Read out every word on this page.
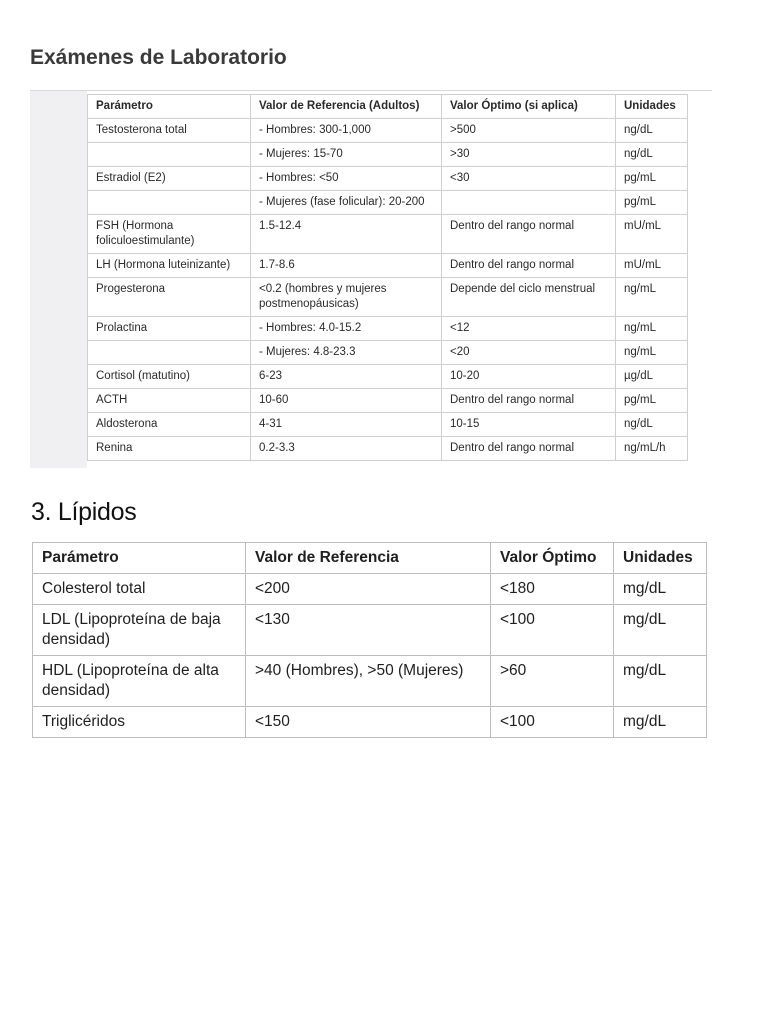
Exámenes de Laboratorio
Parámetro	Valor de Referencia (Adultos)	Valor Óptimo (si aplica)	Unidades
Testosterona total	- Hombres: 300-1,000	>500	ng/dL
	- Mujeres: 15-70	>30	ng/dL
Estradiol (E2)	- Hombres: <50	<30	pg/mL
	- Mujeres (fase folicular): 20-200		pg/mL
FSH (Hormona foliculoestimulante)	1.5-12.4	Dentro del rango normal	mU/mL
LH (Hormona luteinizante)	1.7-8.6	Dentro del rango normal	mU/mL
Progesterona	<0.2 (hombres y mujeres postmenopáusicas)	Depende del ciclo menstrual	ng/mL
Prolactina	- Hombres: 4.0-15.2	<12	ng/mL
	- Mujeres: 4.8-23.3	<20	ng/mL
Cortisol (matutino)	6-23	10-20	µg/dL
ACTH	10-60	Dentro del rango normal	pg/mL
Aldosterona	4-31	10-15	ng/dL
Renina	0.2-3.3	Dentro del rango normal	ng/mL/h
3. Lípidos
Parámetro	Valor de Referencia	Valor Óptimo	Unidades
Colesterol total	<200	<180	mg/dL
LDL (Lipoproteína de baja densidad)	<130	<100	mg/dL
HDL (Lipoproteína de alta densidad)	>40 (Hombres), >50 (Mujeres)	>60	mg/dL
Triglicéridos	<150	<100	mg/dL
